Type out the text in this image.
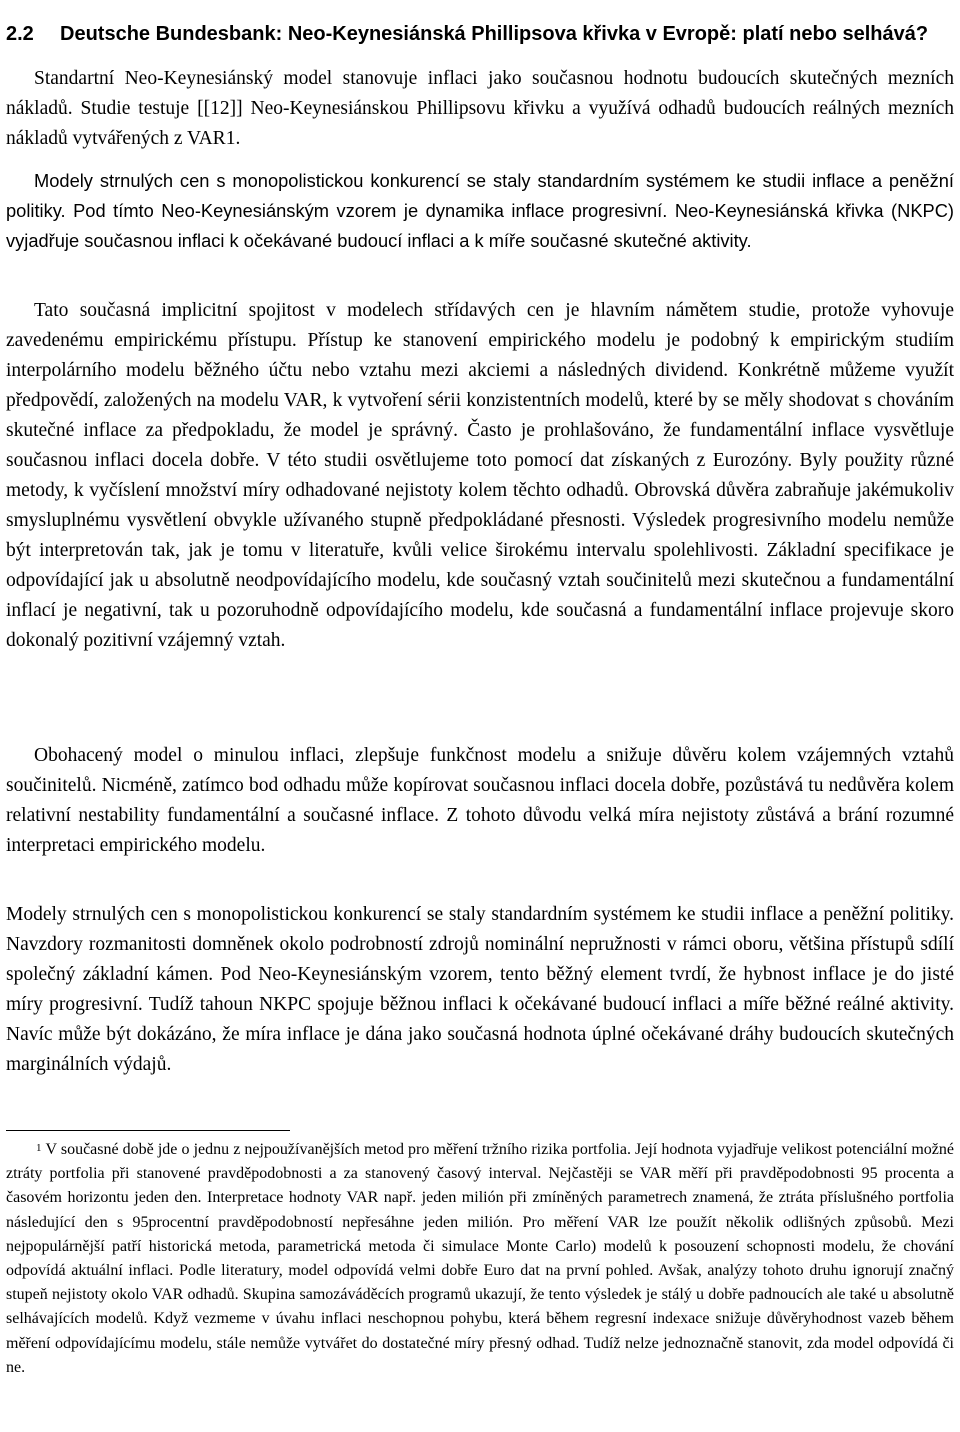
2.2	Deutsche Bundesbank: Neo-Keynesiánská Phillipsova křivka v Evropě: platí nebo selhává?

Standartní Neo-Keynesiánský model stanovuje inflaci jako současnou hodnotu budoucích skutečných mezních nákladů. Studie testuje [[12]] Neo-Keynesiánskou Phillipsovu křivku a využívá odhadů budoucích reálných mezních nákladů vytvářených z VAR1.

Modely strnulých cen s monopolistickou konkurencí se staly standardním systémem ke studii inflace a peněžní politiky. Pod tímto Neo-Keynesiánským vzorem je dynamika inflace progresivní. Neo-Keynesiánská křivka (NKPC) vyjadřuje současnou inflaci k očekávané budoucí inflaci a k míře současné skutečné aktivity.

Tato současná implicitní spojitost v modelech střídavých cen je hlavním námětem studie, protože vyhovuje zavedenému empirickému přístupu. Přístup ke stanovení empirického modelu je podobný k empirickým studiím interpolárního modelu běžného účtu nebo vztahu mezi akciemi a následných dividend. Konkrétně můžeme využít předpovědí, založených na modelu VAR, k vytvoření sérii konzistentních modelů, které by se měly shodovat s chováním skutečné inflace za předpokladu, že model je správný. Často je prohlašováno, že fundamentální inflace vysvětluje současnou inflaci docela dobře. V této studii osvětlujeme toto pomocí dat získaných z Eurozóny. Byly použity různé metody, k vyčíslení množství míry odhadované nejistoty kolem těchto odhadů. Obrovská důvěra zabraňuje jakémukoliv smysluplnému vysvětlení obvykle užívaného stupně předpokládané přesnosti. Výsledek progresivního modelu nemůže být interpretován tak, jak je tomu v literatuře, kvůli velice širokému intervalu spolehlivosti. Základní specifikace je odpovídající jak u absolutně neodpovídajícího modelu, kde současný vztah součinitelů mezi skutečnou a fundamentální inflací je negativní, tak u pozoruhodně odpovídajícího modelu, kde současná a fundamentální inflace projevuje skoro dokonalý pozitivní vzájemný vztah.

Obohacený model o minulou inflaci, zlepšuje funkčnost modelu a snižuje důvěru kolem vzájemných vztahů součinitelů. Nicméně, zatímco bod odhadu může kopírovat současnou inflaci docela dobře, pozůstává tu nedůvěra kolem relativní nestability fundamentální a současné inflace. Z tohoto důvodu velká míra nejistoty zůstává a brání rozumné interpretaci empirického modelu.

Modely strnulých cen s monopolistickou konkurencí se staly standardním systémem ke studii inflace a peněžní politiky. Navzdory rozmanitosti domněnek okolo podrobností zdrojů nominální nepružnosti v rámci oboru, většina přístupů sdílí společný základní kámen. Pod Neo-Keynesiánským vzorem, tento běžný element tvrdí, že hybnost inflace je do jisté míry progresivní. Tudíž tahoun NKPC spojuje běžnou inflaci k očekávané budoucí inflaci a míře běžné reálné aktivity. Navíc může být dokázáno, že míra inflace je dána jako současná hodnota úplné očekávané dráhy budoucích skutečných marginálních výdajů.

$^1$ V současné době jde o jednu z nejpoužívanějších metod pro měření tržního rizika portfolia. Její hodnota vyjadřuje velikost potenciální možné ztráty portfolia při stanovené pravděpodobnosti a za stanovený časový interval. Nejčastěji se VAR měří při pravděpodobnosti 95 procenta a časovém horizontu jeden den. Interpretace hodnoty VAR např. jeden milión při zmíněných parametrech znamená, že ztráta příslušného portfolia následující den s 95procentní pravděpodobností nepřesáhne jeden milión. Pro měření VAR lze použít několik odlišných způsobů. Mezi nejpopulárnější patří historická metoda, parametrická metoda či simulace Monte Carlo) modelů k posouzení schopnosti modelu, že chování odpovídá aktuální inflaci. Podle literatury, model odpovídá velmi dobře Euro dat na první pohled. Avšak, analýzy tohoto druhu ignorují značný stupeň nejistoty okolo VAR odhadů. Skupina samozáváděcích programů ukazují, že tento výsledek je stálý u dobře padnoucích ale také u absolutně selhávajících modelů. Když vezmeme v úvahu inflaci neschopnou pohybu, která během regresní indexace snižuje důvěryhodnost vazeb během měření odpovídajícímu modelu, stále nemůže vytvářet do dostatečné míry přesný odhad. Tudíž nelze jednoznačně stanovit, zda model odpovídá či ne.
